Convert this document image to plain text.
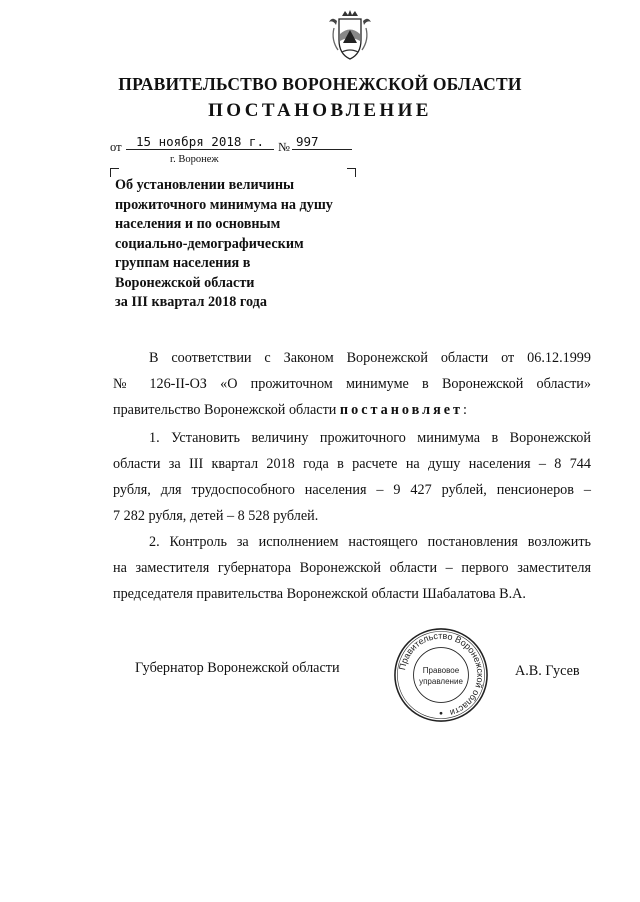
ПРАВИТЕЛЬСТВО ВОРОНЕЖСКОЙ ОБЛАСТИ
ПОСТАНОВЛЕНИЕ
от	15 ноября 2018 г.	№ 997
г. Воронеж
Об установлении величины
прожиточного минимума на душу
населения и по основным
социально-демографическим
группам населения в
Воронежской области
за III квартал 2018 года
В соответствии с Законом Воронежской области от 06.12.1999
№ 126-II-ОЗ «О прожиточном минимуме в Воронежской области»
правительство Воронежской области постановляет:
1. Установить величину прожиточного минимума в Воронежской
области за III квартал 2018 года в расчете на душу населения – 8 744
рубля, для трудоспособного населения – 9 427 рублей, пенсионеров –
7 282 рубля, детей – 8 528 рублей.
2. Контроль за исполнением настоящего постановления возложить
на заместителя губернатора Воронежской области – первого заместителя
председателя правительства Воронежской области Шабалатова В.А.
Губернатор Воронежской области	А.В. Гусев
Правительство Воронежской области
Правовое
управление
